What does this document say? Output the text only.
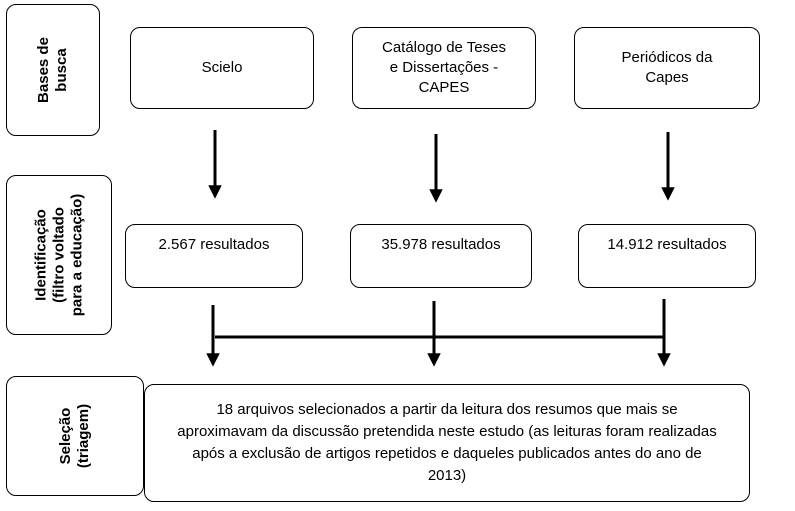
Bases de
busca
Identificação
(filtro voltado
para a educação)
Seleção
(triagem)
Scielo
Catálogo de Teses
e Dissertações -
CAPES
Periódicos da
Capes
2.567 resultados	35.978 resultados	14.912 resultados
18 arquivos selecionados a partir da leitura dos resumos que mais se aproximavam da discussão pretendida neste estudo (as leituras foram realizadas após a exclusão de artigos repetidos e daqueles publicados antes do ano de 2013)
